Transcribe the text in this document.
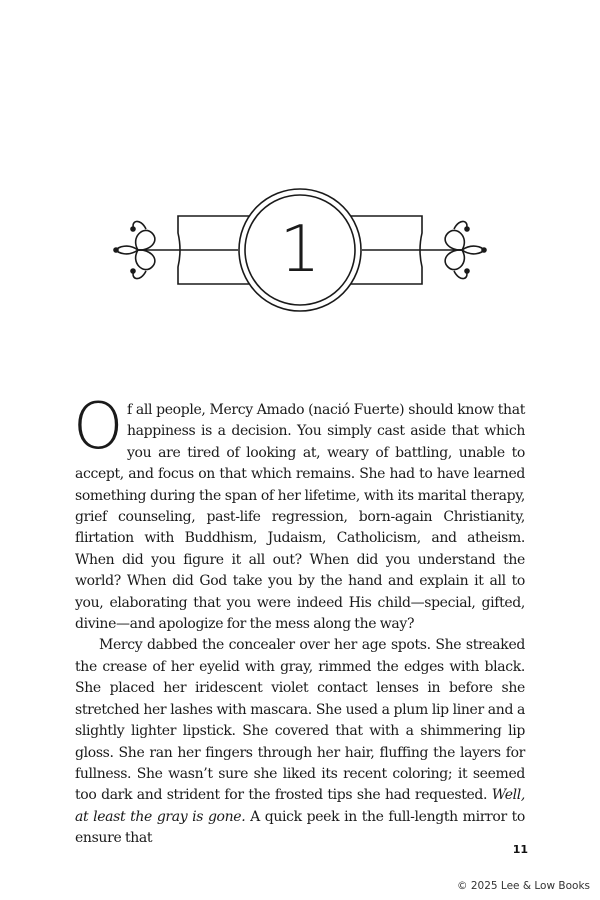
1

Of all people, Mercy Amado (nació Fuerte) should know that happiness is a decision. You simply cast aside that which you are tired of looking at, weary of battling, unable to accept, and focus on that which remains. She had to have learned something during the span of her lifetime, with its marital therapy, grief counseling, past-life regression, born-again Christianity, flirtation with Buddhism, Judaism, Catholicism, and atheism. When did you figure it all out? When did you understand the world? When did God take you by the hand and explain it all to you, elaborating that you were indeed His child—special, gifted, divine—and apologize for the mess along the way?

Mercy dabbed the concealer over her age spots. She streaked the crease of her eyelid with gray, rimmed the edges with black. She placed her iridescent violet contact lenses in before she stretched her lashes with mascara. She used a plum lip liner and a slightly lighter lipstick. She covered that with a shimmering lip gloss. She ran her fingers through her hair, fluffing the layers for fullness. She wasn’t sure she liked its recent coloring; it seemed too dark and strident for the frosted tips she had requested. Well, at least the gray is gone. A quick peek in the full-length mirror to ensure that

11
© 2025 Lee & Low Books
